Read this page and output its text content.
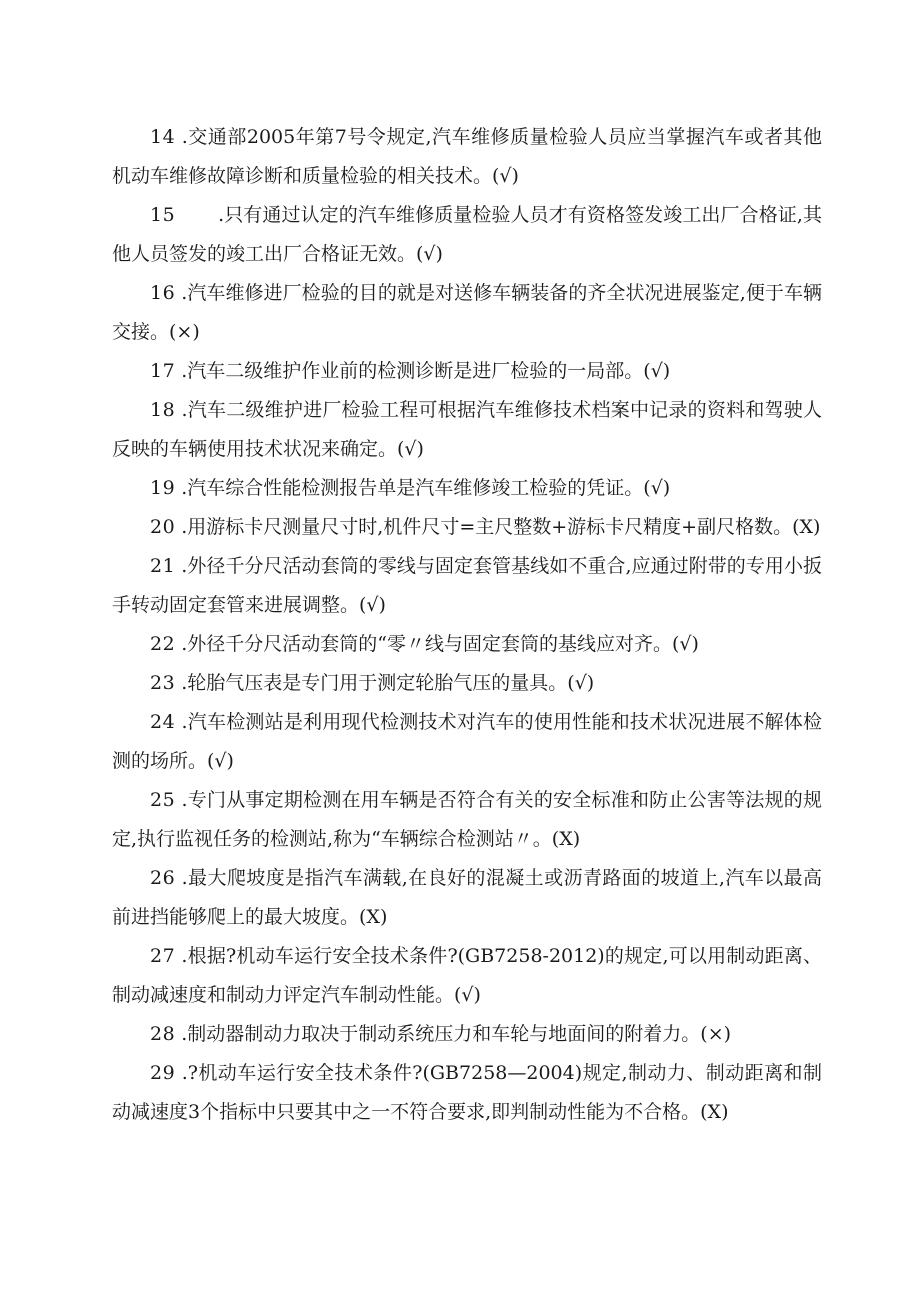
14 .交通部2005年第7号令规定,汽车维修质量检验人员应当掌握汽车或者其他机动车维修故障诊断和质量检验的相关技术。(√)

15       .只有通过认定的汽车维修质量检验人员才有资格签发竣工出厂合格证,其他人员签发的竣工出厂合格证无效。(√)

16 .汽车维修进厂检验的目的就是对送修车辆装备的齐全状况进展鉴定,便于车辆交接。(×)

17 .汽车二级维护作业前的检测诊断是进厂检验的一局部。(√)

18 .汽车二级维护进厂检验工程可根据汽车维修技术档案中记录的资料和驾驶人反映的车辆使用技术状况来确定。(√)

19 .汽车综合性能检测报告单是汽车维修竣工检验的凭证。(√)

20 .用游标卡尺测量尺寸时,机件尺寸=主尺整数+游标卡尺精度+副尺格数。(X)

21 .外径千分尺活动套筒的零线与固定套管基线如不重合,应通过附带的专用小扳手转动固定套管来进展调整。(√)

22 .外径千分尺活动套筒的“零〃线与固定套筒的基线应对齐。(√)

23 .轮胎气压表是专门用于测定轮胎气压的量具。(√)

24 .汽车检测站是利用现代检测技术对汽车的使用性能和技术状况进展不解体检测的场所。(√)

25 .专门从事定期检测在用车辆是否符合有关的安全标准和防止公害等法规的规定,执行监视任务的检测站,称为“车辆综合检测站〃。(X)

26 .最大爬坡度是指汽车满载,在良好的混凝土或沥青路面的坡道上,汽车以最高前进挡能够爬上的最大坡度。(X)

27 .根据?机动车运行安全技术条件?(GB7258-2012)的规定,可以用制动距离、制动减速度和制动力评定汽车制动性能。(√)

28 .制动器制动力取决于制动系统压力和车轮与地面间的附着力。(×)

29 .?机动车运行安全技术条件?(GB7258—2004)规定,制动力、制动距离和制动减速度3个指标中只要其中之一不符合要求,即判制动性能为不合格。(X)
